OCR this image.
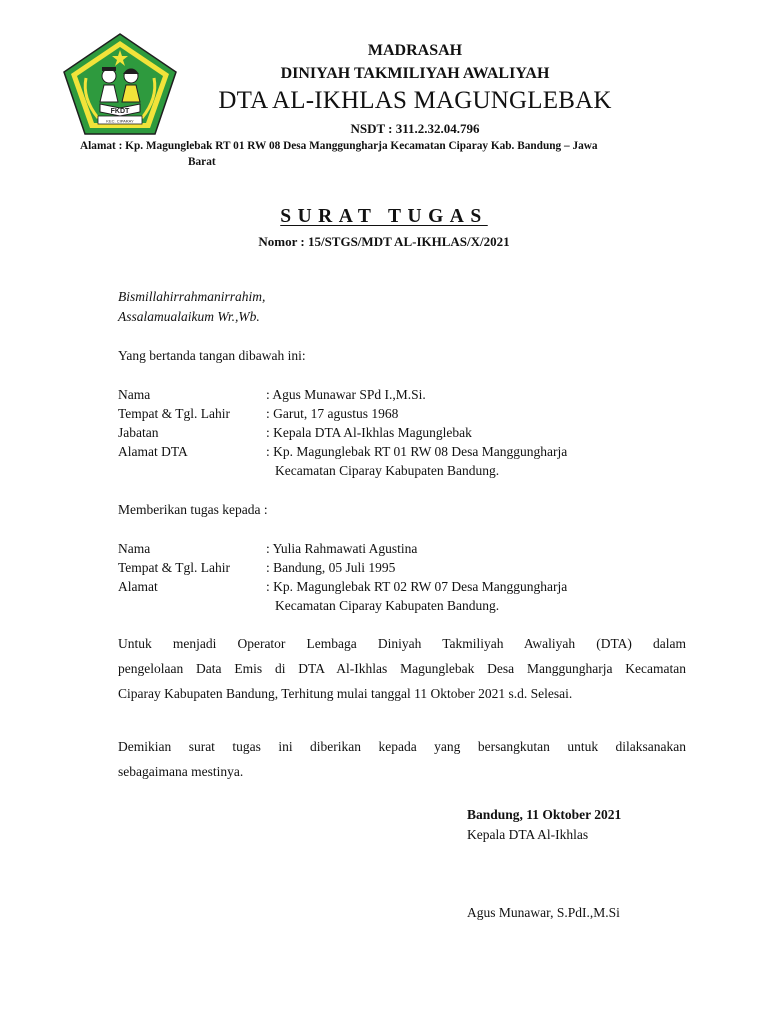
FKDT
KEC. CIPARAY
MADRASAH
DINIYAH TAKMILIYAH AWALIYAH
DTA AL-IKHLAS MAGUNGLEBAK
NSDT : 311.2.32.04.796
Alamat : Kp. Magunglebak RT 01 RW 08 Desa Manggungharja Kecamatan Ciparay Kab. Bandung – Jawa
Barat
SURAT TUGAS
Nomor : 15/STGS/MDT AL-IKHLAS/X/2021
Bismillahirrahmanirrahim,
Assalamualaikum Wr.,Wb.
Yang bertanda tangan dibawah ini:
Nama	: Agus Munawar SPd I.,M.Si.
Tempat & Tgl. Lahir	: Garut, 17 agustus 1968
Jabatan	: Kepala DTA Al-Ikhlas Magunglebak
Alamat DTA	: Kp. Magunglebak RT 01 RW 08 Desa Manggungharja
Kecamatan Ciparay Kabupaten Bandung.
Memberikan tugas kepada :
Nama	: Yulia Rahmawati Agustina
Tempat & Tgl. Lahir	: Bandung, 05 Juli 1995
Alamat	: Kp. Magunglebak RT 02 RW 07 Desa Manggungharja
Kecamatan Ciparay Kabupaten Bandung.
Untuk menjadi Operator Lembaga Diniyah Takmiliyah Awaliyah (DTA) dalam
pengelolaan Data Emis di DTA Al-Ikhlas Magunglebak Desa Manggungharja Kecamatan
Ciparay Kabupaten Bandung, Terhitung mulai tanggal 11 Oktober 2021 s.d. Selesai.
Demikian surat tugas ini diberikan kepada yang bersangkutan untuk dilaksanakan
sebagaimana mestinya.
Bandung, 11 Oktober 2021
Kepala DTA Al-Ikhlas
Agus Munawar, S.PdI.,M.Si
